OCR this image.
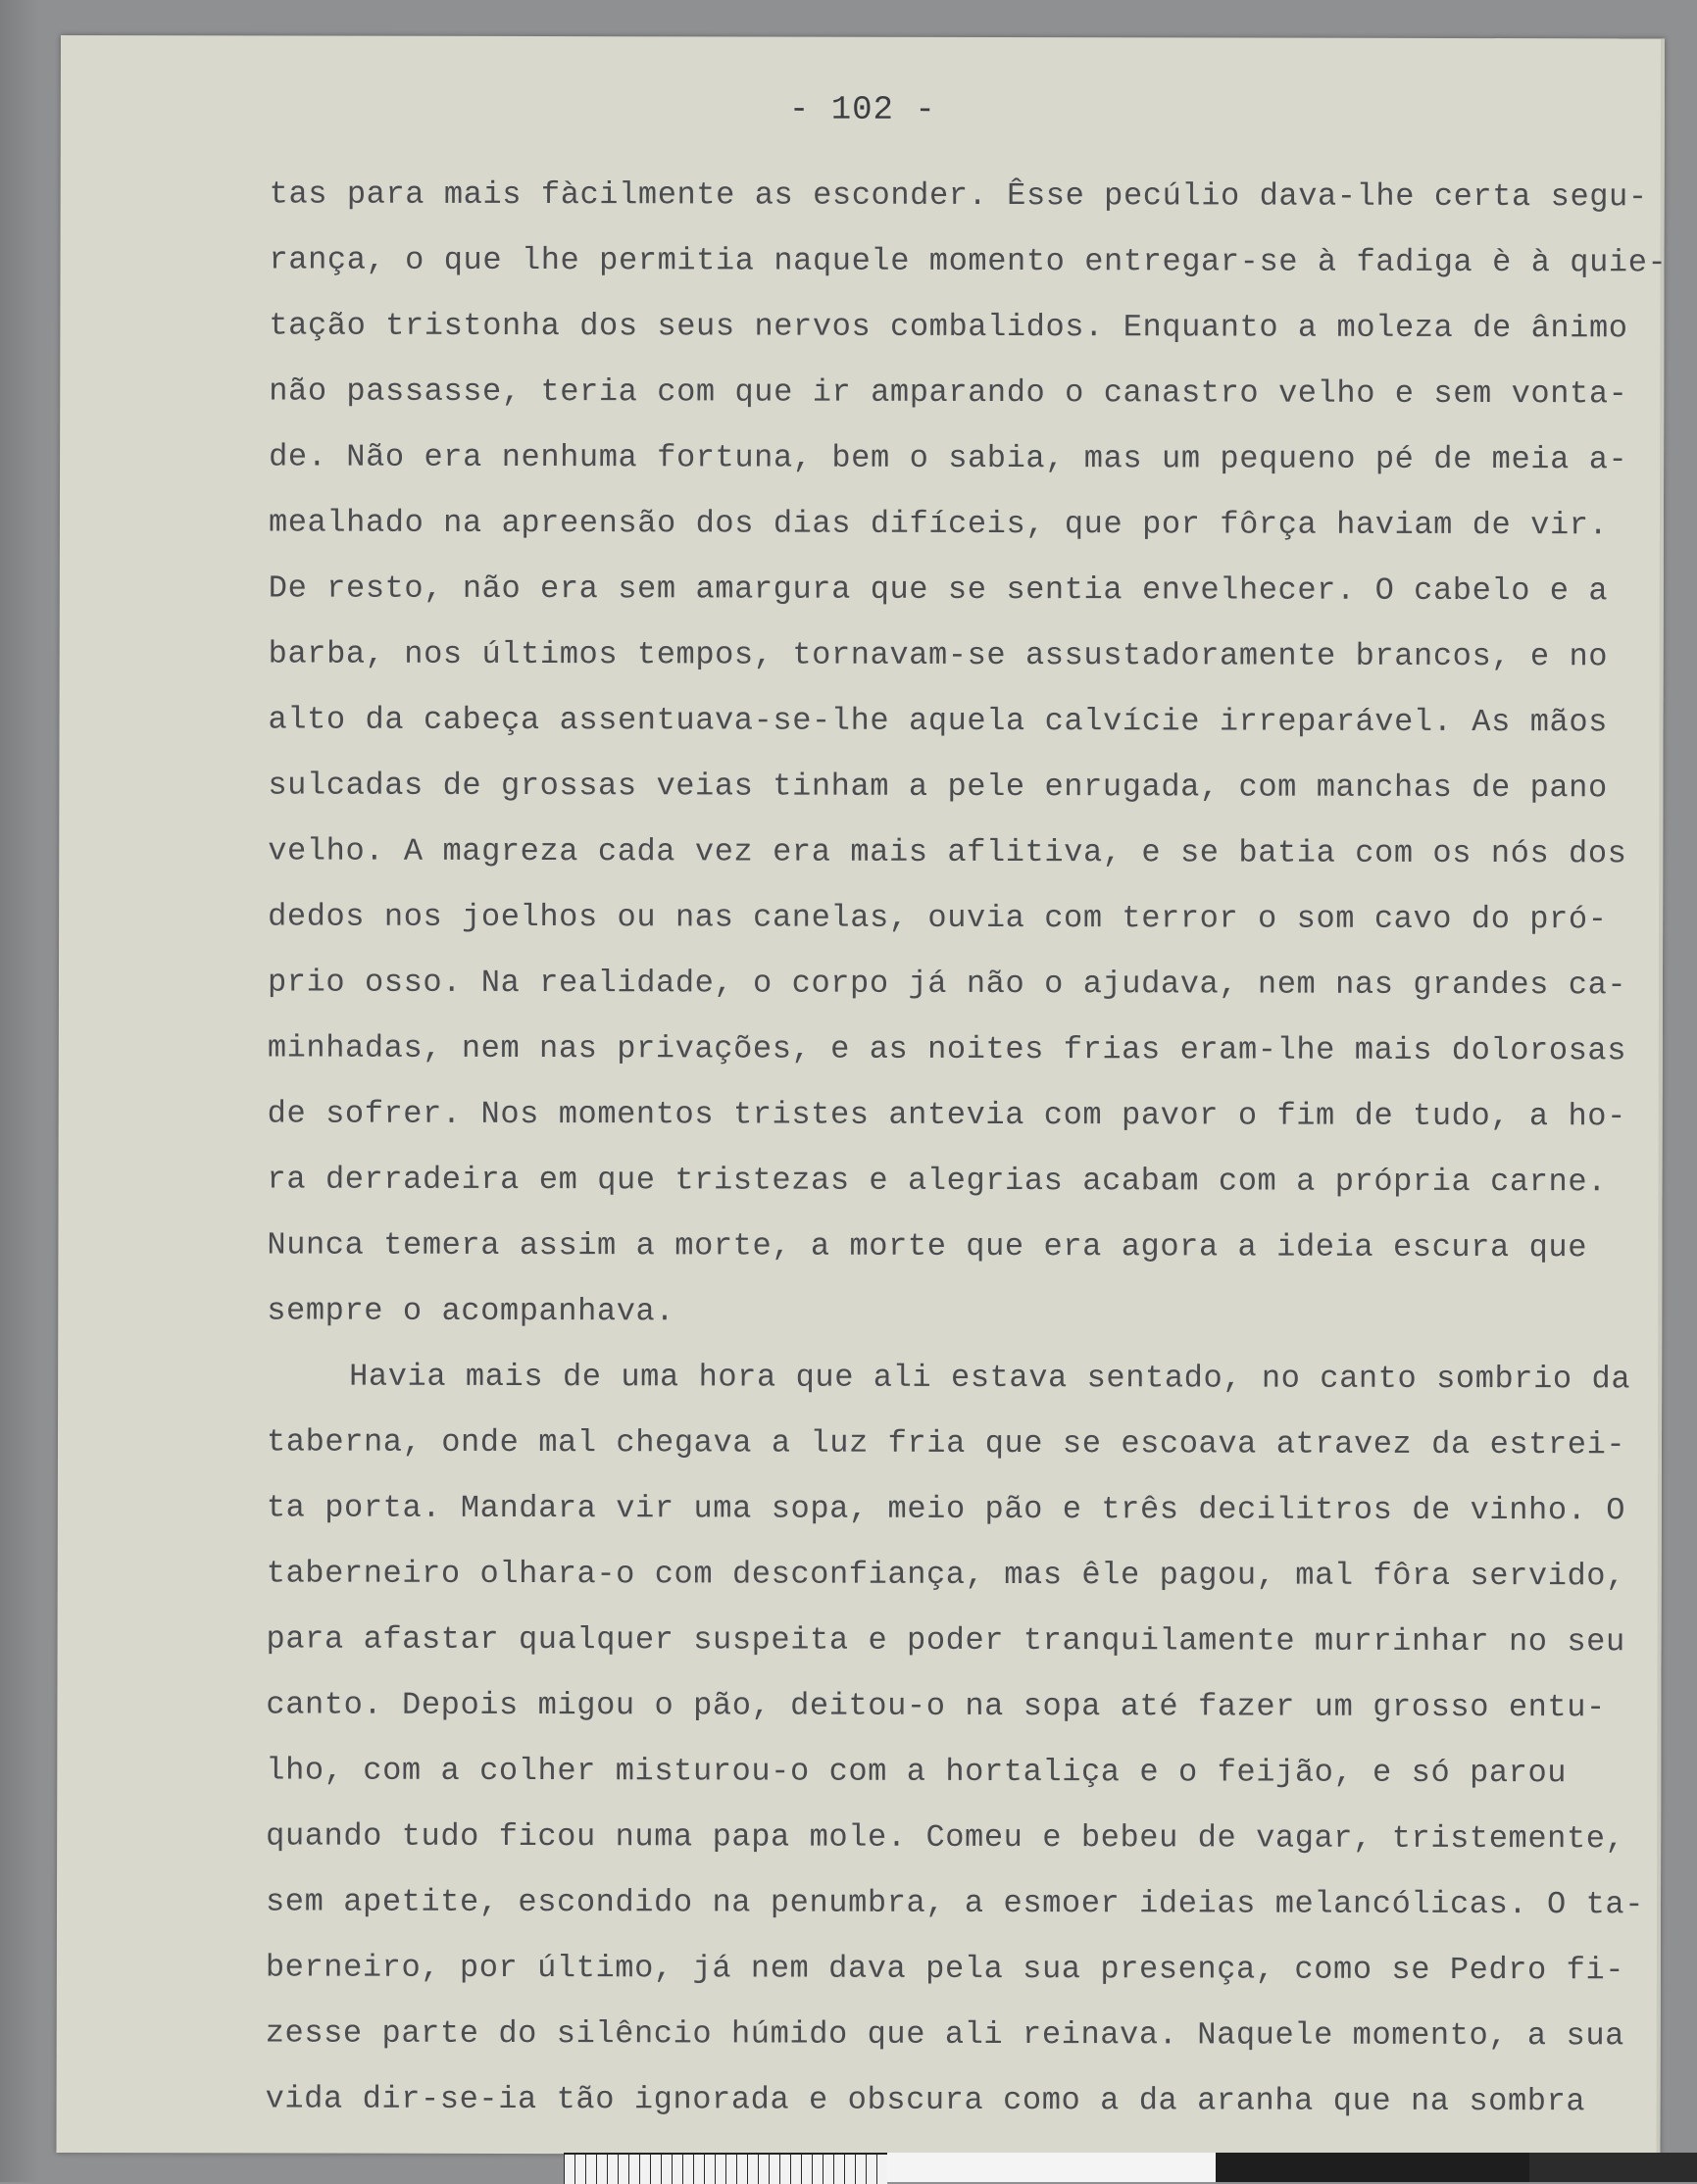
- 102 -
tas para mais fàcilmente as esconder. Êsse pecúlio dava-lhe certa segu-
rança, o que lhe permitia naquele momento entregar-se à fadiga è à quie-
tação tristonha dos seus nervos combalidos. Enquanto a moleza de ânimo
não passasse, teria com que ir amparando o canastro velho e sem vonta-
de. Não era nenhuma fortuna, bem o sabia, mas um pequeno pé de meia a-
mealhado na apreensão dos dias difíceis, que por fôrça haviam de vir.
De resto, não era sem amargura que se sentia envelhecer. O cabelo e a
barba, nos últimos tempos, tornavam-se assustadoramente brancos, e no
alto da cabeça assentuava-se-lhe aquela calvície irreparável. As mãos
sulcadas de grossas veias tinham a pele enrugada, com manchas de pano
velho. A magreza cada vez era mais aflitiva, e se batia com os nós dos
dedos nos joelhos ou nas canelas, ouvia com terror o som cavo do pró-
prio osso. Na realidade, o corpo já não o ajudava, nem nas grandes ca-
minhadas, nem nas privações, e as noites frias eram-lhe mais dolorosas
de sofrer. Nos momentos tristes antevia com pavor o fim de tudo, a ho-
ra derradeira em que tristezas e alegrias acabam com a própria carne.
Nunca temera assim a morte, a morte que era agora a ideia escura que
sempre o acompanhava.
Havia mais de uma hora que ali estava sentado, no canto sombrio da
taberna, onde mal chegava a luz fria que se escoava atravez da estrei-
ta porta. Mandara vir uma sopa, meio pão e três decilitros de vinho. O
taberneiro olhara-o com desconfiança, mas êle pagou, mal fôra servido,
para afastar qualquer suspeita e poder tranquilamente murrinhar no seu
canto. Depois migou o pão, deitou-o na sopa até fazer um grosso entu-
lho, com a colher misturou-o com a hortaliça e o feijão, e só parou
quando tudo ficou numa papa mole. Comeu e bebeu de vagar, tristemente,
sem apetite, escondido na penumbra, a esmoer ideias melancólicas. O ta-
berneiro, por último, já nem dava pela sua presença, como se Pedro fi-
zesse parte do silêncio húmido que ali reinava. Naquele momento, a sua
vida dir-se-ia tão ignorada e obscura como a da aranha que na sombra
